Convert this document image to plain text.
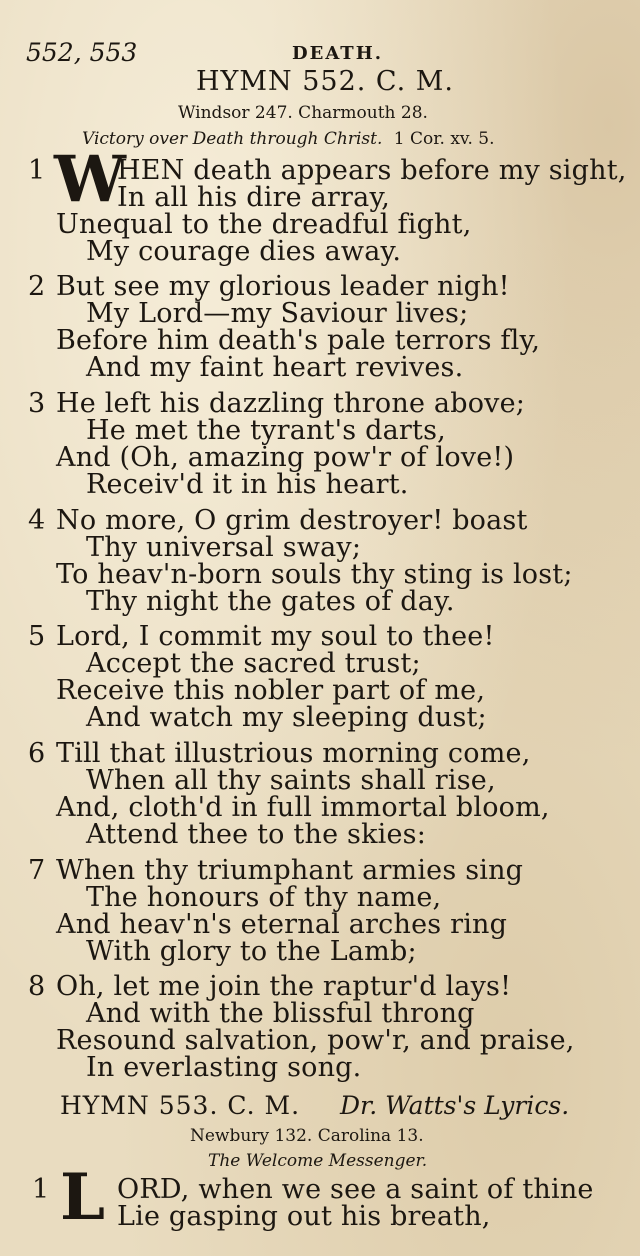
552, 553	DEATH.
HYMN 552. C. M.
Windsor 247. Charmouth 28.
Victory over Death through Christ. 1 Cor. xv. 5.
1 W
HEN death appears before my sight,
In all his dire array,
Unequal to the dreadful fight,
My courage dies away.
2 But see my glorious leader nigh!
My Lord—my Saviour lives;
Before him death's pale terrors fly,
And my faint heart revives.
3 He left his dazzling throne above;
He met the tyrant's darts,
And (Oh, amazing pow'r of love!)
Receiv'd it in his heart.
4 No more, O grim destroyer! boast
Thy universal sway;
To heav'n-born souls thy sting is lost;
Thy night the gates of day.
5 Lord, I commit my soul to thee!
Accept the sacred trust;
Receive this nobler part of me,
And watch my sleeping dust;
6 Till that illustrious morning come,
When all thy saints shall rise,
And, cloth'd in full immortal bloom,
Attend thee to the skies:
7 When thy triumphant armies sing
The honours of thy name,
And heav'n's eternal arches ring
With glory to the Lamb;
8 Oh, let me join the raptur'd lays!
And with the blissful throng
Resound salvation, pow'r, and praise,
In everlasting song.
HYMN 553. C. M. Dr. Watts's Lyrics.
Newbury 132. Carolina 13.
The Welcome Messenger.
1 L ORD, when we see a saint of thine
Lie gasping out his breath,
